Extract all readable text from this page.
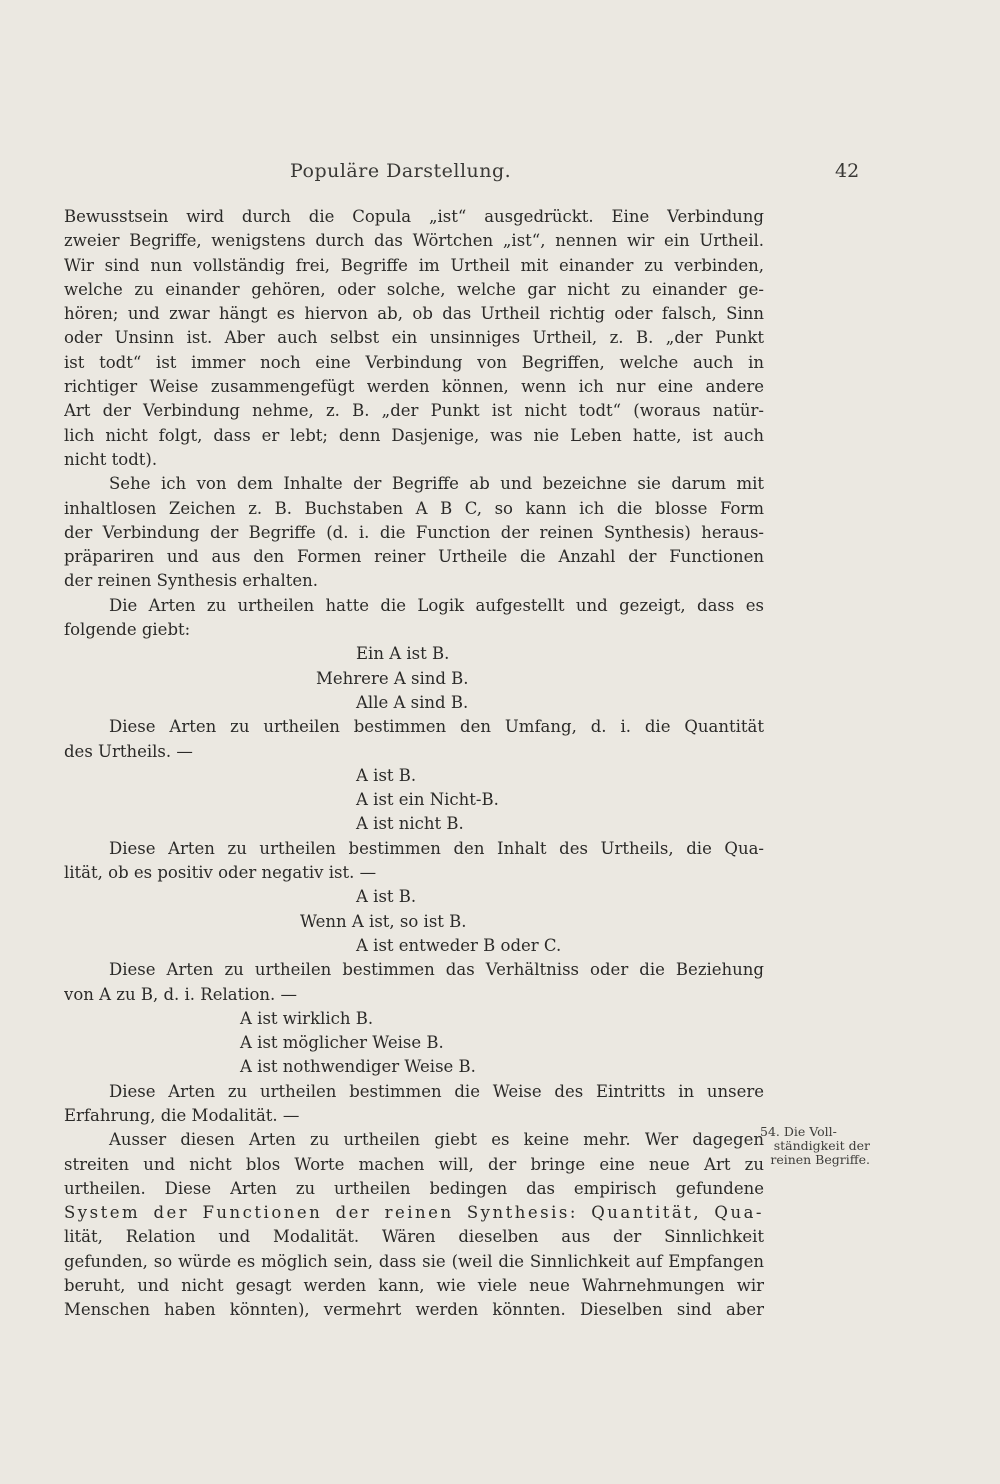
Populäre Darstellung.	42
Bewusstsein wird durch die Copula „ist“ ausgedrückt. Eine Verbindung
zweier Begriffe, wenigstens durch das Wörtchen „ist“, nennen wir ein Urtheil.
Wir sind nun vollständig frei, Begriffe im Urtheil mit einander zu verbinden,
welche zu einander gehören, oder solche, welche gar nicht zu einander ge-
hören; und zwar hängt es hiervon ab, ob das Urtheil richtig oder falsch, Sinn
oder Unsinn ist. Aber auch selbst ein unsinniges Urtheil, z. B. „der Punkt
ist todt“ ist immer noch eine Verbindung von Begriffen, welche auch in
richtiger Weise zusammengefügt werden können, wenn ich nur eine andere
Art der Verbindung nehme, z. B. „der Punkt ist nicht todt“ (woraus natür-
lich nicht folgt, dass er lebt; denn Dasjenige, was nie Leben hatte, ist auch
nicht todt).
Sehe ich von dem Inhalte der Begriffe ab und bezeichne sie darum mit
inhaltlosen Zeichen z. B. Buchstaben A B C, so kann ich die blosse Form
der Verbindung der Begriffe (d. i. die Function der reinen Synthesis) heraus-
präpariren und aus den Formen reiner Urtheile die Anzahl der Functionen
der reinen Synthesis erhalten.
Die Arten zu urtheilen hatte die Logik aufgestellt und gezeigt, dass es
folgende giebt:
Ein A ist B.
Mehrere A sind B.
Alle A sind B.
Diese Arten zu urtheilen bestimmen den Umfang, d. i. die Quantität
des Urtheils. —
A ist B.
A ist ein Nicht-B.
A ist nicht B.
Diese Arten zu urtheilen bestimmen den Inhalt des Urtheils, die Qua-
lität, ob es positiv oder negativ ist. —
A ist B.
Wenn A ist, so ist B.
A ist entweder B oder C.
Diese Arten zu urtheilen bestimmen das Verhältniss oder die Beziehung
von A zu B, d. i. Relation. —
A ist wirklich B.
A ist möglicher Weise B.
A ist nothwendiger Weise B.
Diese Arten zu urtheilen bestimmen die Weise des Eintritts in unsere
Erfahrung, die Modalität. —
Ausser diesen Arten zu urtheilen giebt es keine mehr. Wer dagegen
streiten und nicht blos Worte machen will, der bringe eine neue Art zu
urtheilen. Diese Arten zu urtheilen bedingen das empirisch gefundene
System der Functionen der reinen Synthesis: Quantität, Qua-
lität, Relation und Modalität. Wären dieselben aus der Sinnlichkeit
gefunden, so würde es möglich sein, dass sie (weil die Sinnlichkeit auf Empfangen
beruht, und nicht gesagt werden kann, wie viele neue Wahrnehmungen wir
Menschen haben könnten), vermehrt werden könnten. Dieselben sind aber
54. Die Voll-
ständigkeit der
reinen Begriffe.
